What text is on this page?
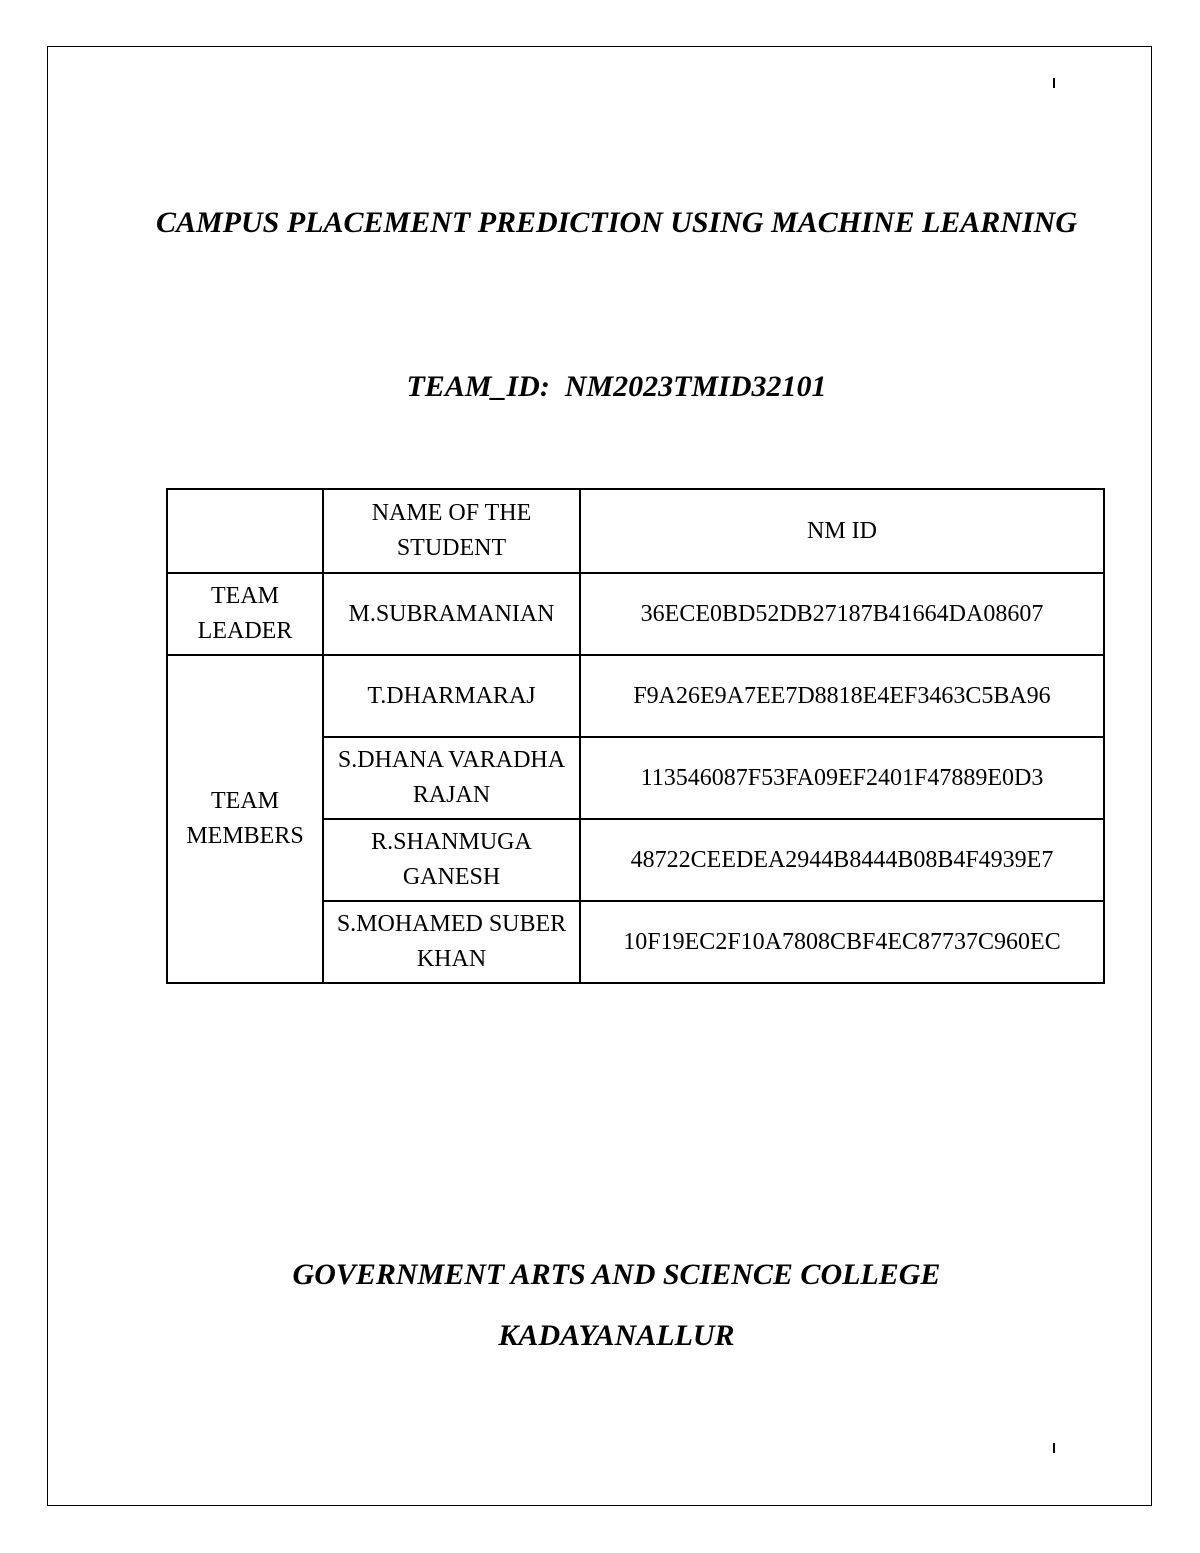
CAMPUS PLACEMENT PREDICTION USING MACHINE LEARNING
TEAM_ID:  NM2023TMID32101
	NAME OF THE STUDENT	NM ID
TEAM LEADER	M.SUBRAMANIAN	36ECE0BD52DB27187B41664DA08607
TEAM MEMBERS	T.DHARMARAJ	F9A26E9A7EE7D8818E4EF3463C5BA96
	S.DHANA VARADHA RAJAN	113546087F53FA09EF2401F47889E0D3
	R.SHANMUGA GANESH	48722CEEDEA2944B8444B08B4F4939E7
	S.MOHAMED SUBER KHAN	10F19EC2F10A7808CBF4EC87737C960EC
GOVERNMENT ARTS AND SCIENCE COLLEGE
KADAYANALLUR
